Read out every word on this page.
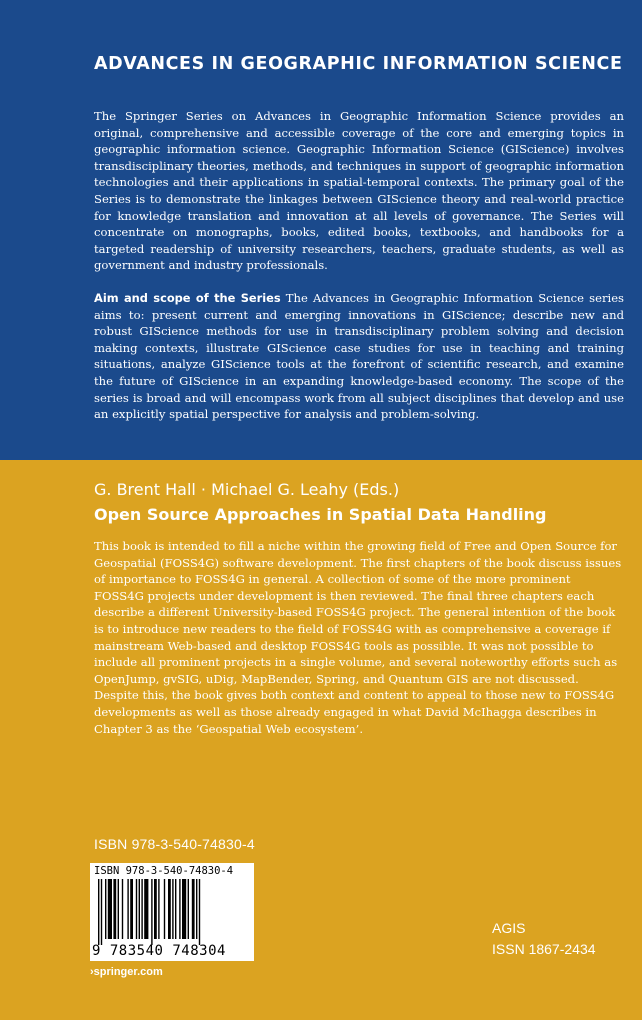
ADVANCES IN GEOGRAPHIC INFORMATION SCIENCE
The Springer Series on Advances in Geographic Information Science provides an original, comprehensive and accessible coverage of the core and emerging topics in geographic information science. Geographic Information Science (GIScience) involves transdisciplinary theories, methods, and techniques in support of geographic information technologies and their applications in spatial-temporal contexts. The primary goal of the Series is to demonstrate the linkages between GIScience theory and real-world practice for knowledge translation and innovation at all levels of governance. The Series will concentrate on monographs, books, edited books, textbooks, and handbooks for a targeted readership of university researchers, teachers, graduate students, as well as government and industry professionals.
Aim and scope of the Series The Advances in Geographic Information Science series aims to: present current and emerging innovations in GIScience; describe new and robust GIScience methods for use in transdisciplinary problem solving and decision making contexts, illustrate GIScience case studies for use in teaching and training situations, analyze GIScience tools at the forefront of scientific research, and examine the future of GIScience in an expanding knowledge-based economy. The scope of the series is broad and will encompass work from all subject disciplines that develop and use an explicitly spatial perspective for analysis and problem-solving.
G. Brent Hall · Michael G. Leahy (Eds.)
Open Source Approaches in Spatial Data Handling
This book is intended to fill a niche within the growing field of Free and Open Source for Geospatial (FOSS4G) software development. The first chapters of the book discuss issues of importance to FOSS4G in general. A collection of some of the more prominent FOSS4G projects under development is then reviewed. The final three chapters each describe a different University-based FOSS4G project. The general intention of the book is to introduce new readers to the field of FOSS4G with as comprehensive a coverage if mainstream Web-based and desktop FOSS4G tools as possible. It was not possible to include all prominent projects in a single volume, and several noteworthy efforts such as OpenJump, gvSIG, uDig, MapBender, Spring, and Quantum GIS are not discussed. Despite this, the book gives both context and content to appeal to those new to FOSS4G developments as well as those already engaged in what David McIhagga describes in Chapter 3 as the ‘Geospatial Web ecosystem’.
ISBN 978-3-540-74830-4
ISBN 978-3-540-74830-4
9 783540 748304
›springer.com
AGIS
ISSN 1867-2434
